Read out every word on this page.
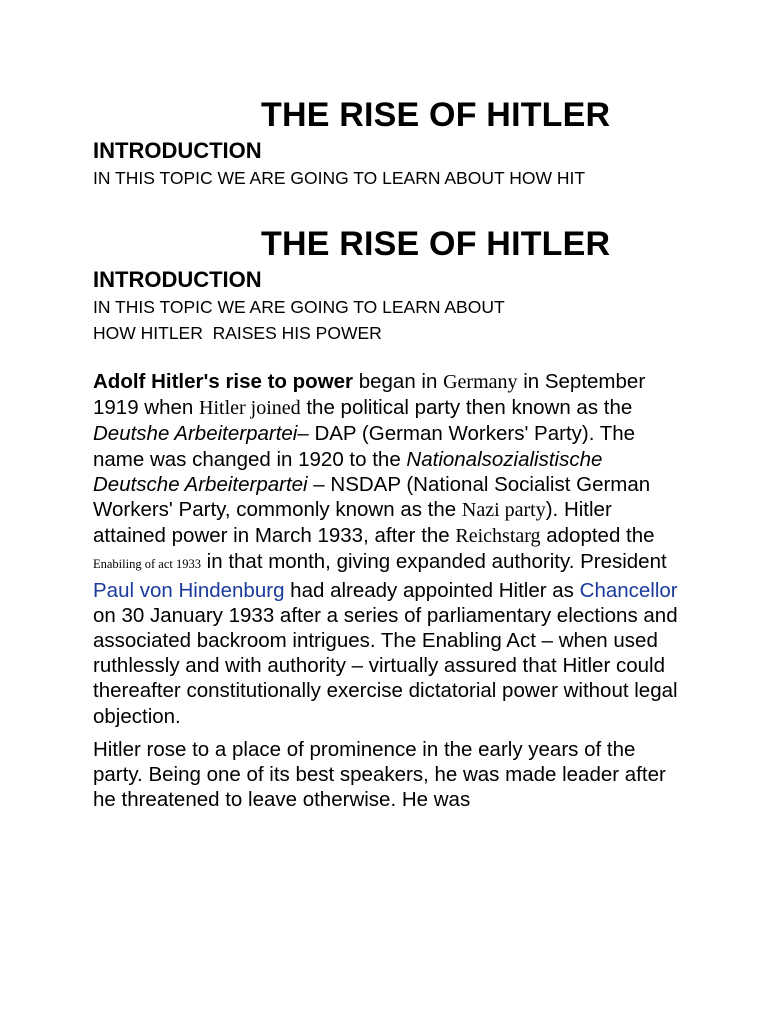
THE RISE OF HITLER
INTRODUCTION

IN THIS TOPIC WE ARE GOING TO LEARN ABOUT HOW HIT

THE RISE OF HITLER
INTRODUCTION

IN THIS TOPIC WE ARE GOING TO LEARN ABOUT

HOW HITLER  RAISES HIS POWER

Adolf Hitler's rise to power began in Germany in September 1919 when Hitler joined the political party then known as the Deutshe Arbeiterpartei– DAP (German Workers' Party). The name was changed in 1920 to the Nationalsozialistische Deutsche Arbeiterpartei – NSDAP (National Socialist German Workers' Party, commonly known as the Nazi party). Hitler attained power in March 1933, after the Reichstarg adopted the Enabiling of act 1933 in that month, giving expanded authority. President Paul von Hindenburg had already appointed Hitler as Chancellor on 30 January 1933 after a series of parliamentary elections and associated backroom intrigues. The Enabling Act – when used ruthlessly and with authority – virtually assured that Hitler could thereafter constitutionally exercise dictatorial power without legal objection.

Hitler rose to a place of prominence in the early years of the party. Being one of its best speakers, he was made leader after he threatened to leave otherwise. He was
